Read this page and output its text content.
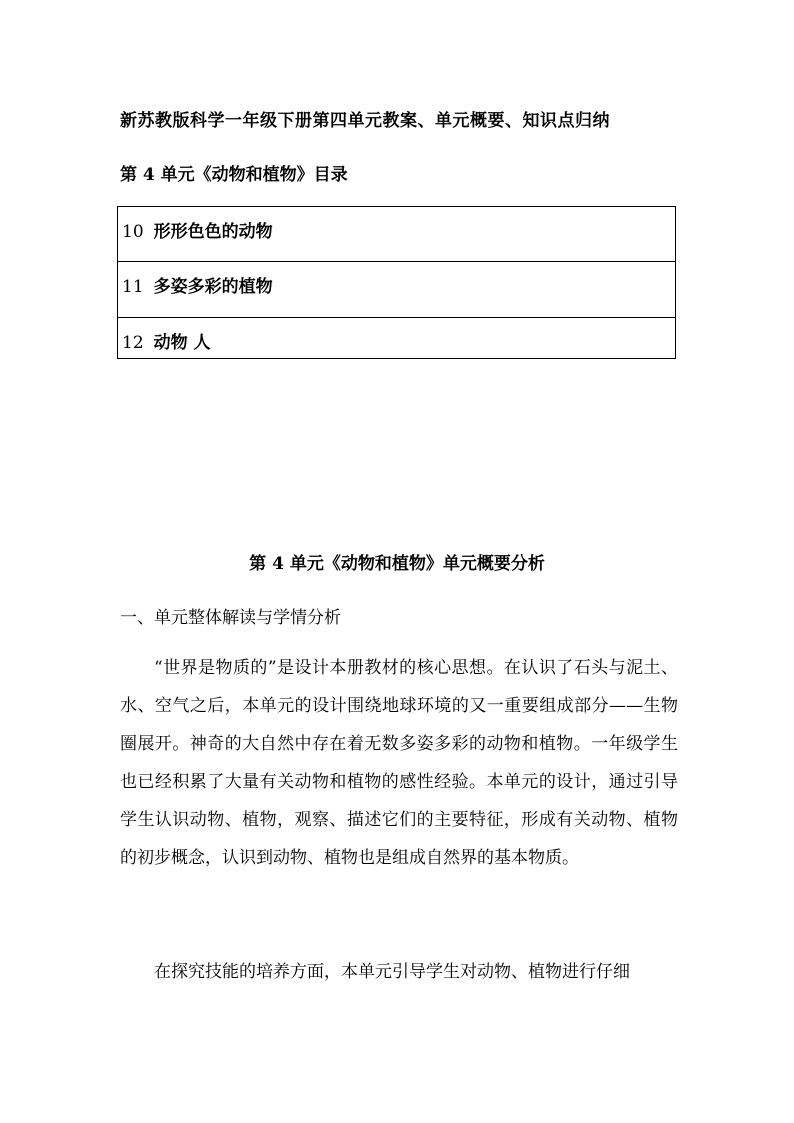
新苏教版科学一年级下册第四单元教案、单元概要、知识点归纳
第 4 单元《动物和植物》目录
10 形形色色的动物
11 多姿多彩的植物
12 动物 人
第 4 单元《动物和植物》单元概要分析
一、单元整体解读与学情分析

“世界是物质的”是设计本册教材的核心思想。在认识了石头与泥土、水、空气之后，本单元的设计围绕地球环境的又一重要组成部分——生物圈展开。神奇的大自然中存在着无数多姿多彩的动物和植物。一年级学生也已经积累了大量有关动物和植物的感性经验。本单元的设计，通过引导学生认识动物、植物，观察、描述它们的主要特征，形成有关动物、植物的初步概念，认识到动物、植物也是组成自然界的基本物质。

在探究技能的培养方面，本单元引导学生对动物、植物进行仔细
